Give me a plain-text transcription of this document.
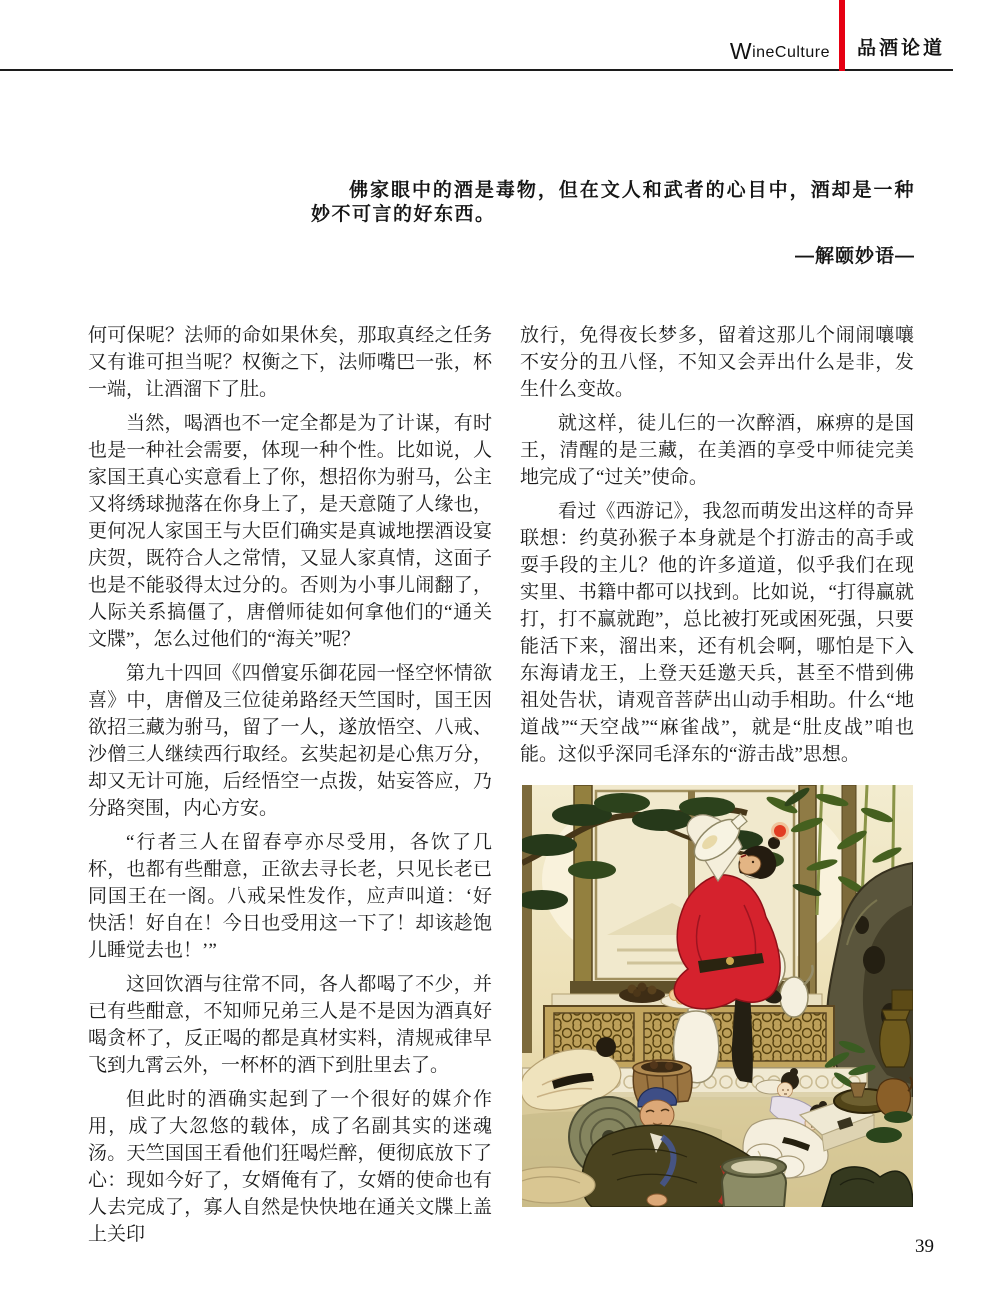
W ineCulture 品酒论道

佛家眼中的酒是毒物，但在文人和武者的心目中，酒却是一种妙不可言的好东西。

—解颐妙语—

何可保呢？法师的命如果休矣，那取真经之任务又有谁可担当呢？权衡之下，法师嘴巴一张，杯一端，让酒溜下了肚。

当然，喝酒也不一定全都是为了计谋，有时也是一种社会需要，体现一种个性。比如说，人家国王真心实意看上了你，想招你为驸马，公主又将绣球抛落在你身上了，是天意随了人缘也，更何况人家国王与大臣们确实是真诚地摆酒设宴庆贺，既符合人之常情，又显人家真情，这面子也是不能驳得太过分的。否则为小事儿闹翻了，人际关系搞僵了，唐僧师徒如何拿他们的“通关文牒”，怎么过他们的“海关”呢？

第九十四回《四僧宴乐御花园一怪空怀情欲喜》中，唐僧及三位徒弟路经天竺国时，国王因欲招三藏为驸马，留了一人，遂放悟空、八戒、沙僧三人继续西行取经。玄奘起初是心焦万分，却又无计可施，后经悟空一点拨，姑妄答应，乃分路突围，内心方安。

“行者三人在留春亭亦尽受用，各饮了几杯，也都有些酣意，正欲去寻长老，只见长老已同国王在一阁。八戒呆性发作，应声叫道：‘好快活！好自在！今日也受用这一下了！却该趁饱儿睡觉去也！’”

这回饮酒与往常不同，各人都喝了不少，并已有些酣意，不知师兄弟三人是不是因为酒真好喝贪杯了，反正喝的都是真材实料，清规戒律早飞到九霄云外，一杯杯的酒下到肚里去了。

但此时的酒确实起到了一个很好的媒介作用，成了大忽悠的载体，成了名副其实的迷魂汤。天竺国国王看他们狂喝烂醉，便彻底放下了心：现如今好了，女婿俺有了，女婿的使命也有人去完成了，寡人自然是快快地在通关文牒上盖上关印

放行，免得夜长梦多，留着这那儿个闹闹嚷嚷不安分的丑八怪，不知又会弄出什么是非，发生什么变故。

就这样，徒儿仨的一次醉酒，麻痹的是国王，清醒的是三藏，在美酒的享受中师徒完美地完成了“过关”使命。

看过《西游记》，我忽而萌发出这样的奇异联想：约莫孙猴子本身就是个打游击的高手或耍手段的主儿？他的许多道道，似乎我们在现实里、书籍中都可以找到。比如说，“打得赢就打，打不赢就跑”，总比被打死或困死强，只要能活下来，溜出来，还有机会啊，哪怕是下入东海请龙王，上登天廷邀天兵，甚至不惜到佛祖处告状，请观音菩萨出山动手相助。什么“地道战”“天空战”“麻雀战”，就是“肚皮战”咱也能。这似乎深同毛泽东的“游击战”思想。

39
